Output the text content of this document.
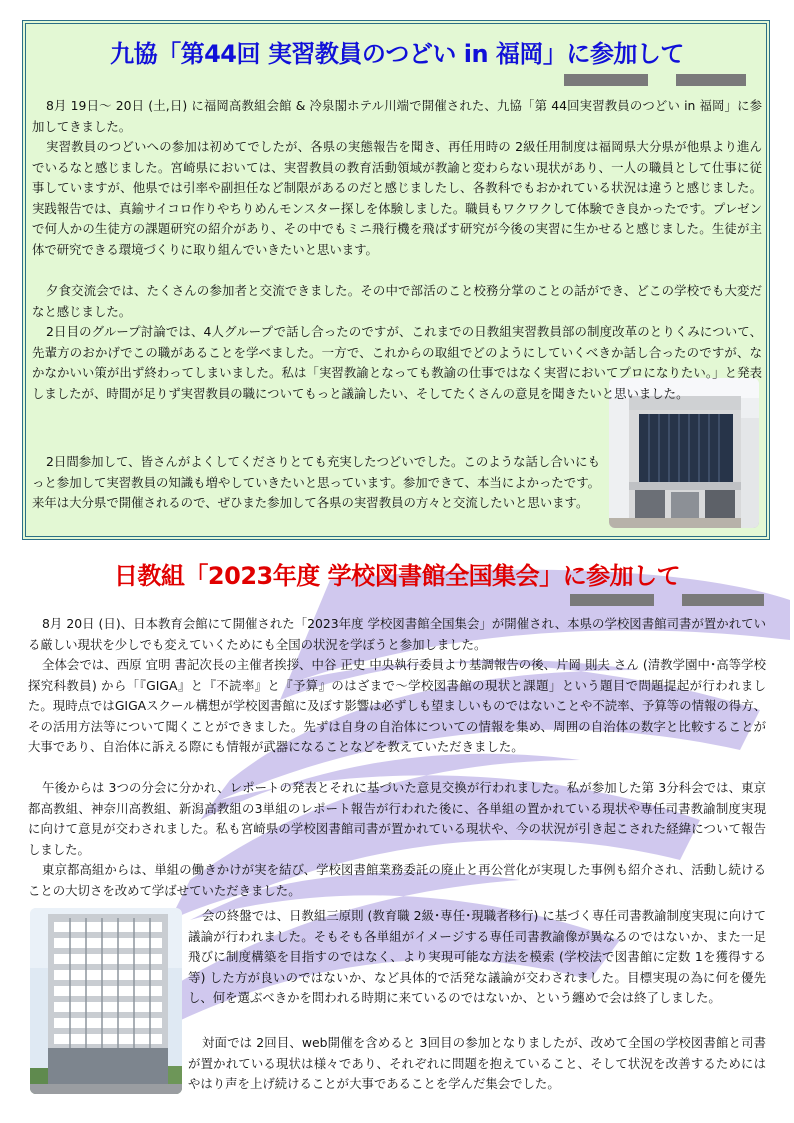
九協「第44回 実習教員のつどい in 福岡」に参加して

8月 19日～ 20日 (土,日) に福岡高教組会館 & 冷泉閣ホテル川端で開催された、九協「第 44回実習教員のつどい in 福岡」に参加してきました。

実習教員のつどいへの参加は初めてでしたが、各県の実態報告を聞き、再任用時の 2級任用制度は福岡県大分県が他県より進んでいるなと感じました。宮崎県においては、実習教員の教育活動領域が教諭と変わらない現状があり、一人の職員として仕事に従事していますが、他県では引率や副担任など制限があるのだと感じましたし、各教科でもおかれている状況は違うと感じました。実践報告では、真鍮サイコロ作りやちりめんモンスター探しを体験しました。職員もワクワクして体験でき良かったです。プレゼンで何人かの生徒方の課題研究の紹介があり、その中でもミニ飛行機を飛ばす研究が今後の実習に生かせると感じました。生徒が主体で研究できる環境づくりに取り組んでいきたいと思います。

夕食交流会では、たくさんの参加者と交流できました。その中で部活のこと校務分掌のことの話ができ、どこの学校でも大変だなと感じました。

2日目のグループ討論では、4人グループで話し合ったのですが、これまでの日教組実習教員部の制度改革のとりくみについて、先輩方のおかげでこの職があることを学べました。一方で、これからの取組でどのようにしていくべきか話し合ったのですが、なかなかいい策が出ず終わってしまいました。私は「実習教諭となっても教諭の仕事ではなく実習においてプロになりたい。」と発表しましたが、時間が足りず実習教員の職についてもっと議論したい、そしてたくさんの意見を聞きたいと思いました。

2日間参加して、皆さんがよくしてくださりとても充実したつどいでした。このような話し合いにもっと参加して実習教員の知識も増やしていきたいと思っています。参加できて、本当によかったです。来年は大分県で開催されるので、ぜひまた参加して各県の実習教員の方々と交流したいと思います。

日教組「2023年度 学校図書館全国集会」に参加して

8月 20日 (日)、日本教育会館にて開催された「2023年度 学校図書館全国集会」が開催され、本県の学校図書館司書が置かれている厳しい現状を少しでも変えていくためにも全国の状況を学ぼうと参加しました。

全体会では、西原 宜明 書記次長の主催者挨拶、中谷 正史 中央執行委員より基調報告の後、片岡 則夫 さん (清教学園中･高等学校探究科教員) から「『GIGA』と『不読率』と『予算』のはざまで～学校図書館の現状と課題」という題目で問題提起が行われました。現時点ではGIGAスクール構想が学校図書館に及ぼす影響は必ずしも望ましいものではないことや不読率、予算等の情報の得方、その活用方法等について聞くことができました。先ずは自身の自治体についての情報を集め、周囲の自治体の数字と比較することが大事であり、自治体に訴える際にも情報が武器になることなどを教えていただきました。

午後からは 3つの分会に分かれ、レポートの発表とそれに基づいた意見交換が行われました。私が参加した第 3分科会では、東京都高教組、神奈川高教組、新潟高教組の3単組のレポート報告が行われた後に、各単組の置かれている現状や専任司書教諭制度実現に向けて意見が交わされました。私も宮崎県の学校図書館司書が置かれている現状や、今の状況が引き起こされた経緯について報告しました。

東京都高組からは、単組の働きかけが実を結び、学校図書館業務委託の廃止と再公営化が実現した事例も紹介され、活動し続けることの大切さを改めて学ばせていただきました。

会の終盤では、日教組三原則 (教育職 2級･専任･現職者移行) に基づく専任司書教諭制度実現に向けて議論が行われました。そもそも各単組がイメージする専任司書教諭像が異なるのではないか、また一足飛びに制度構築を目指すのではなく、より実現可能な方法を模索 (学校法で図書館に定数 1を獲得する等) した方が良いのではないか、など具体的で活発な議論が交わされました。目標実現の為に何を優先し、何を選ぶべきかを問われる時期に来ているのではないか、という纏めで会は終了しました。

対面では 2回目、web開催を含めると 3回目の参加となりましたが、改めて全国の学校図書館と司書が置かれている現状は様々であり、それぞれに問題を抱えていること、そして状況を改善するためにはやはり声を上げ続けることが大事であることを学んだ集会でした。
